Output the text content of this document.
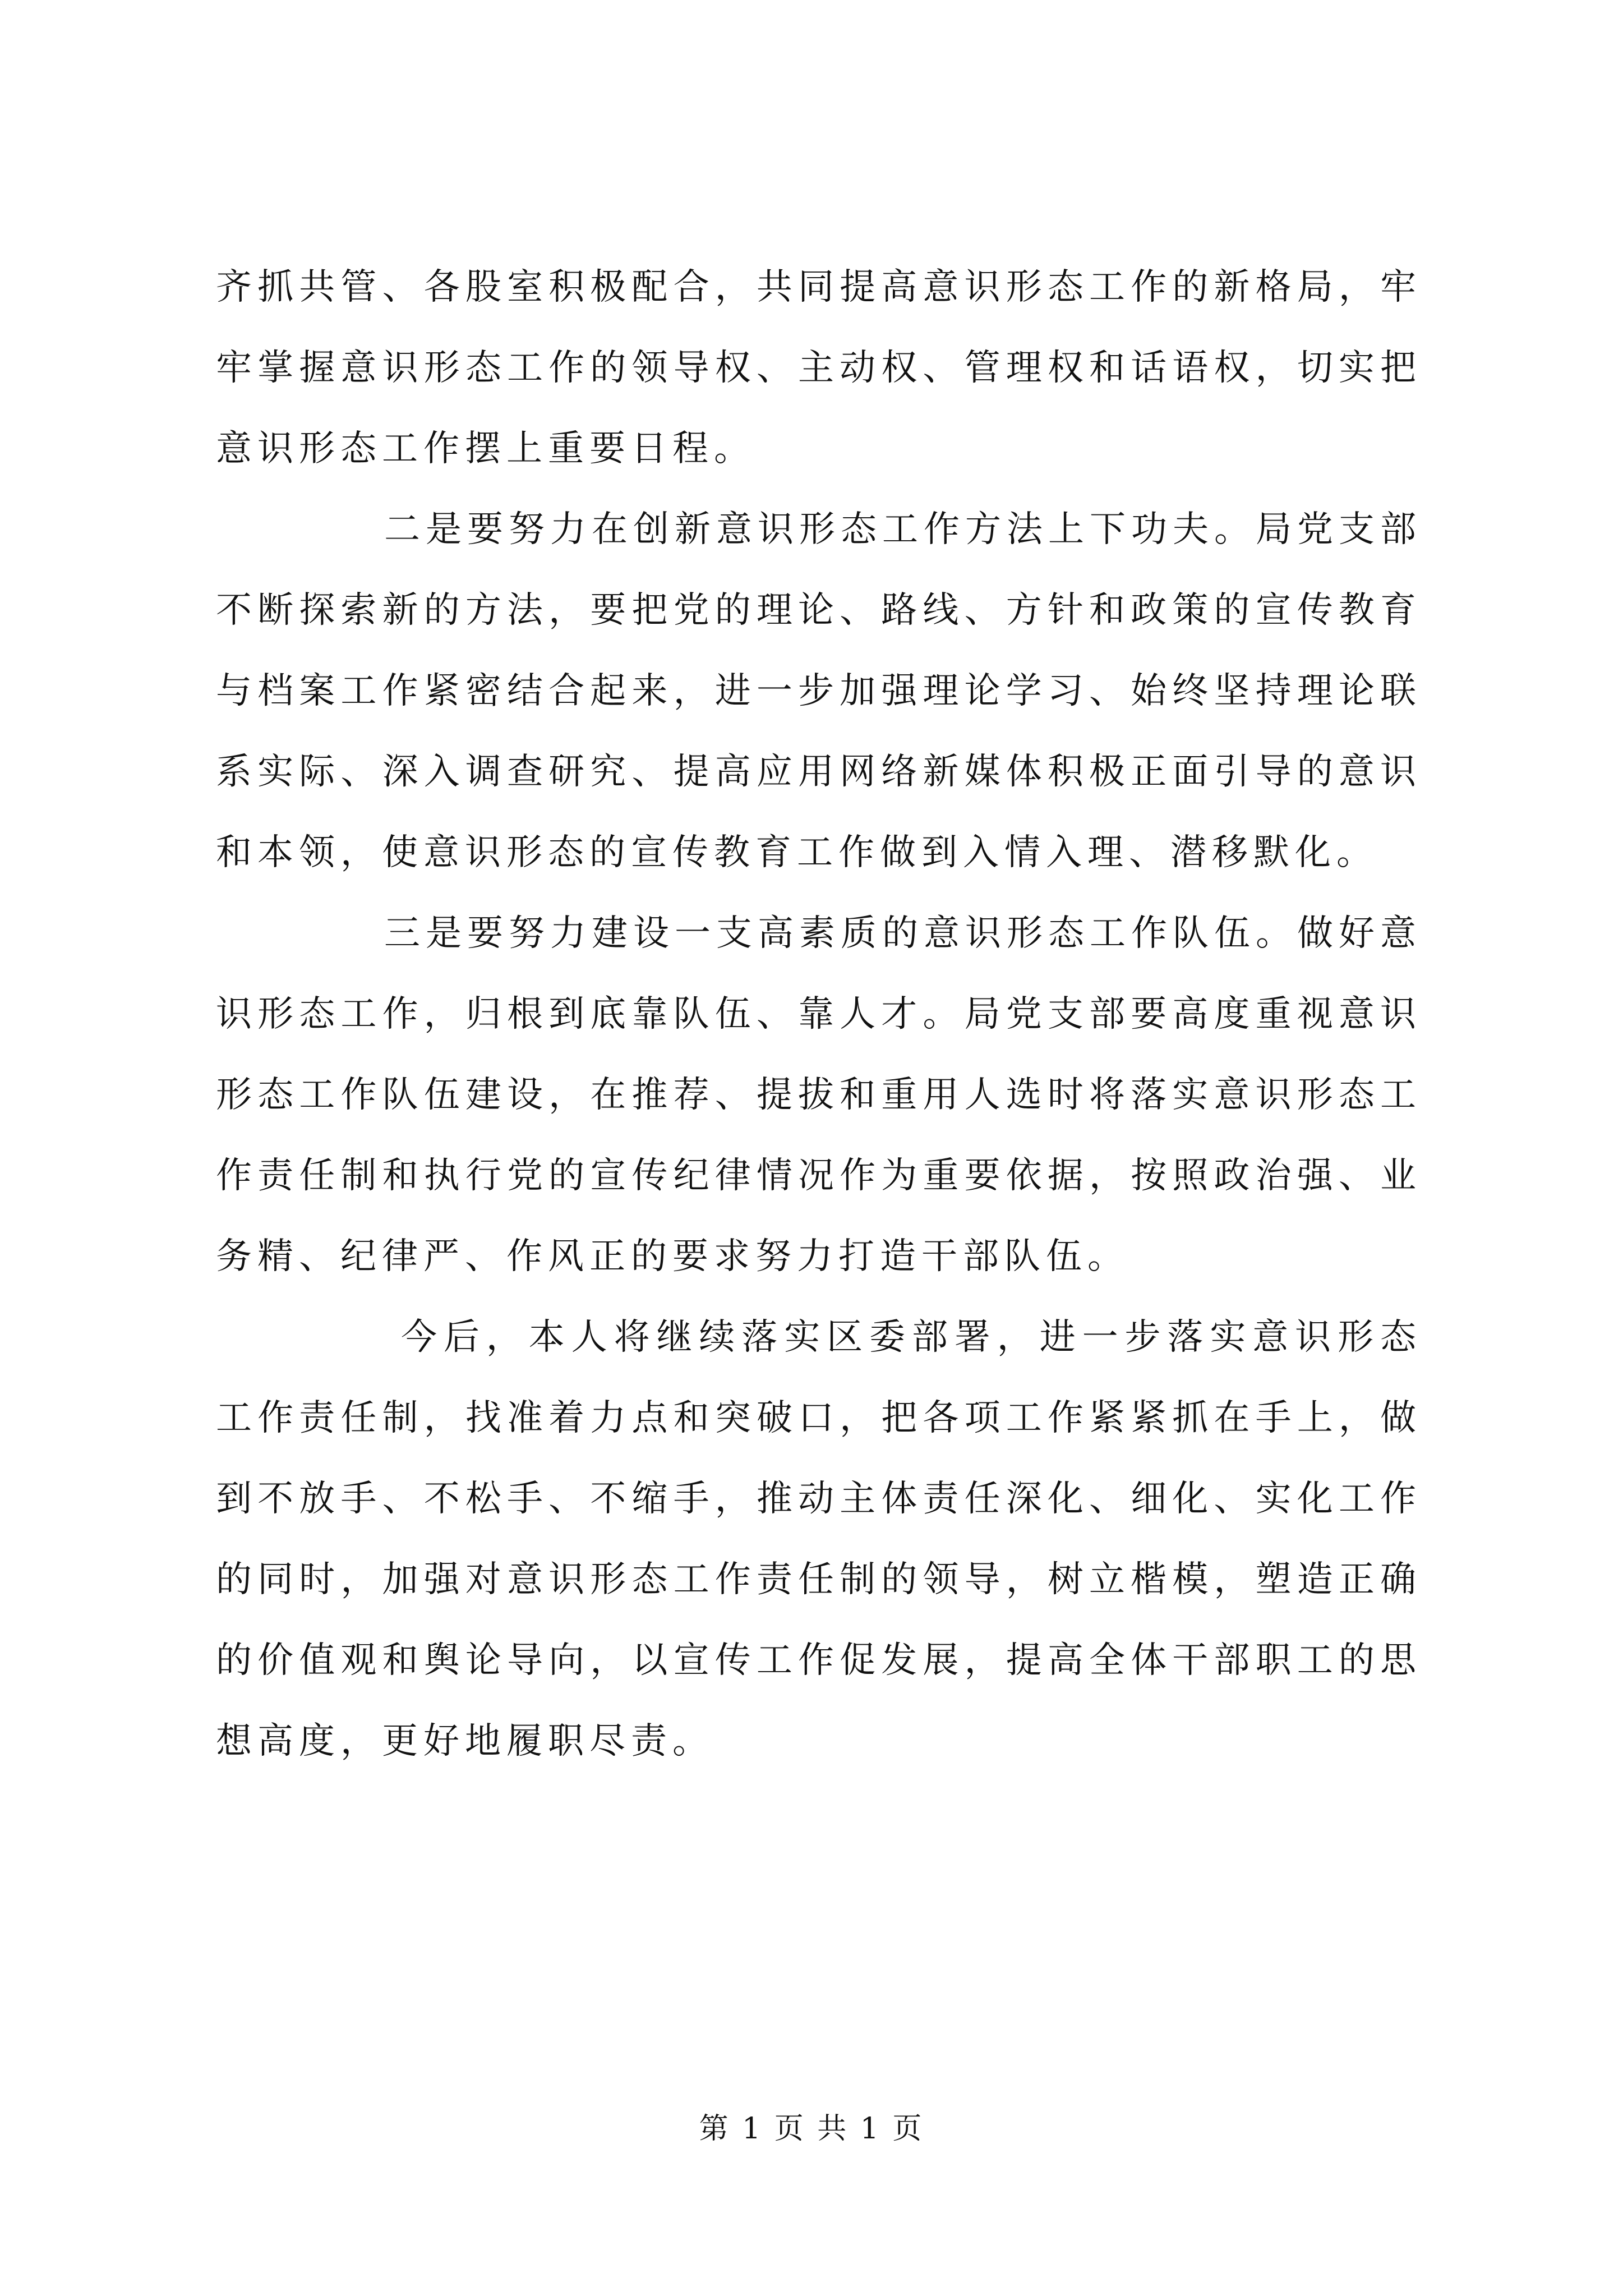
齐抓共管、各股室积极配合，共同提高意识形态工作的新格局，牢牢掌握意识形态工作的领导权、主动权、管理权和话语权，切实把意识形态工作摆上重要日程。

二是要努力在创新意识形态工作方法上下功夫。局党支部不断探索新的方法，要把党的理论、路线、方针和政策的宣传教育与档案工作紧密结合起来，进一步加强理论学习、始终坚持理论联系实际、深入调查研究、提高应用网络新媒体积极正面引导的意识和本领，使意识形态的宣传教育工作做到入情入理、潜移默化。

三是要努力建设一支高素质的意识形态工作队伍。做好意识形态工作，归根到底靠队伍、靠人才。局党支部要高度重视意识形态工作队伍建设，在推荐、提拔和重用人选时将落实意识形态工作责任制和执行党的宣传纪律情况作为重要依据，按照政治强、业务精、纪律严、作风正的要求努力打造干部队伍。

今后，本人将继续落实区委部署，进一步落实意识形态工作责任制，找准着力点和突破口，把各项工作紧紧抓在手上，做到不放手、不松手、不缩手，推动主体责任深化、细化、实化工作的同时，加强对意识形态工作责任制的领导，树立楷模，塑造正确的价值观和舆论导向，以宣传工作促发展，提高全体干部职工的思想高度，更好地履职尽责。

第 1 页 共 1 页
